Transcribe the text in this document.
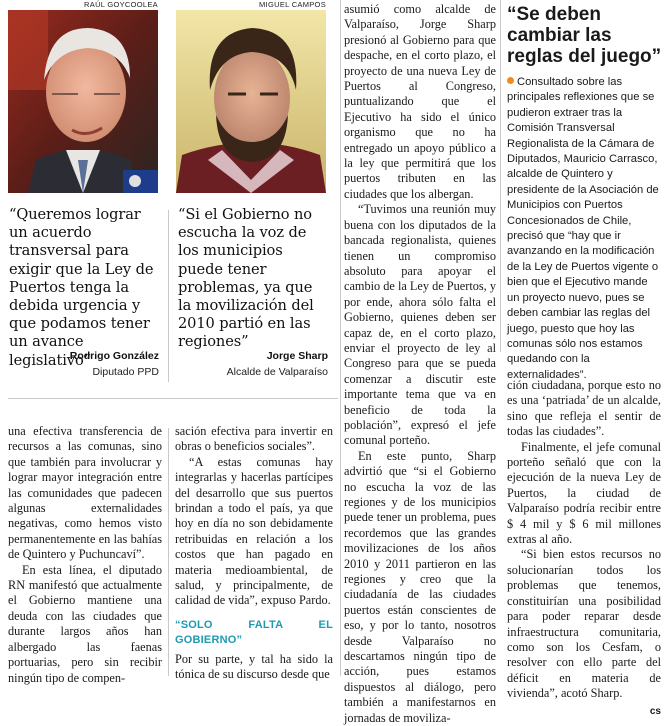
RAÚL GOYCOOLEA	MIGUEL CAMPOS
“Queremos lograr un acuerdo transversal para exigir que la Ley de Puertos tenga la debida urgencia y que podamos tener un avance legislativo”
Rodrigo González
Diputado PPD
“Si el Gobierno no escucha la voz de los municipios puede tener problemas, ya que la movilización del 2010 partió en las regiones”
Jorge Sharp
Alcalde de Valparaíso

asumió como alcalde de Valparaíso, Jorge Sharp presionó al Gobierno para que despache, en el corto plazo, el proyecto de una nueva Ley de Puertos al Congreso, puntualizando que el Ejecutivo ha sido el único organismo que no ha entregado un apoyo público a la ley que permitirá que los puertos tributen en las ciudades que los albergan.

“Tuvimos una reunión muy buena con los diputados de la bancada regionalista, quienes tienen un compromiso absoluto para apoyar el cambio de la Ley de Puertos, y por ende, ahora sólo falta el Gobierno, quienes deben ser capaz de, en el corto plazo, enviar el proyecto de ley al Congreso para que se pueda comenzar a discutir este importante tema que va en beneficio de toda la población”, expresó el jefe comunal porteño.

En este punto, Sharp advirtió que “si el Gobierno no escucha la voz de las regiones y de los municipios puede tener un problema, pues recordemos que las grandes movilizaciones de los años 2010 y 2011 partieron en las regiones y creo que la ciudadanía de las ciudades puertos están conscientes de eso, y por lo tanto, nosotros desde Valparaíso no descartamos ningún tipo de acción, pues estamos dispuestos al diálogo, pero también a manifestarnos en jornadas de moviliza-

“Se deben cambiar las reglas del juego”
Consultado sobre las principales reflexiones que se pudieron extraer tras la Comisión Transversal Regionalista de la Cámara de Diputados, Mauricio Carrasco, alcalde de Quintero y presidente de la Asociación de Municipios con Puertos Concesionados de Chile, precisó que “hay que ir avanzando en la modificación de la Ley de Puertos vigente o bien que el Ejecutivo mande un proyecto nuevo, pues se deben cambiar las reglas del juego, puesto que hoy las comunas sólo nos estamos quedando con la externalidades”.

una efectiva transferencia de recursos a las comunas, sino que también para involucrar y lograr mayor integración entre las comunidades que padecen algunas externalidades negativas, como hemos visto permanentemente en las bahías de Quintero y Puchuncaví”.

En esta línea, el diputado RN manifestó que actualmente el Gobierno mantiene una deuda con las ciudades que durante largos años han albergado las faenas portuarias, pero sin recibir ningún tipo de compen-

sación efectiva para invertir en obras o beneficios sociales”.

“A estas comunas hay integrarlas y hacerlas partícipes del desarrollo que sus puertos brindan a todo el país, ya que hoy en día no son debidamente retribuidas en relación a los costos que han pagado en materia medioambiental, de salud, y principalmente, de calidad de vida”, expuso Pardo.

“SOLO FALTA EL GOBIERNO”

Por su parte, y tal ha sido la tónica de su discurso desde que

ción ciudadana, porque esto no es una ‘patriada’ de un alcalde, sino que refleja el sentir de todas las ciudades”.

Finalmente, el jefe comunal porteño señaló que con la ejecución de la nueva Ley de Puertos, la ciudad de Valparaíso podría recibir entre $ 4 mil y $ 6 mil millones extras al año.

“Si bien estos recursos no solucionarían todos los problemas que tenemos, constituirían una posibilidad para poder reparar desde infraestructura comunitaria, como son los Cesfam, o resolver con ello parte del déficit en materia de vivienda”, acotó Sharp.

cs
